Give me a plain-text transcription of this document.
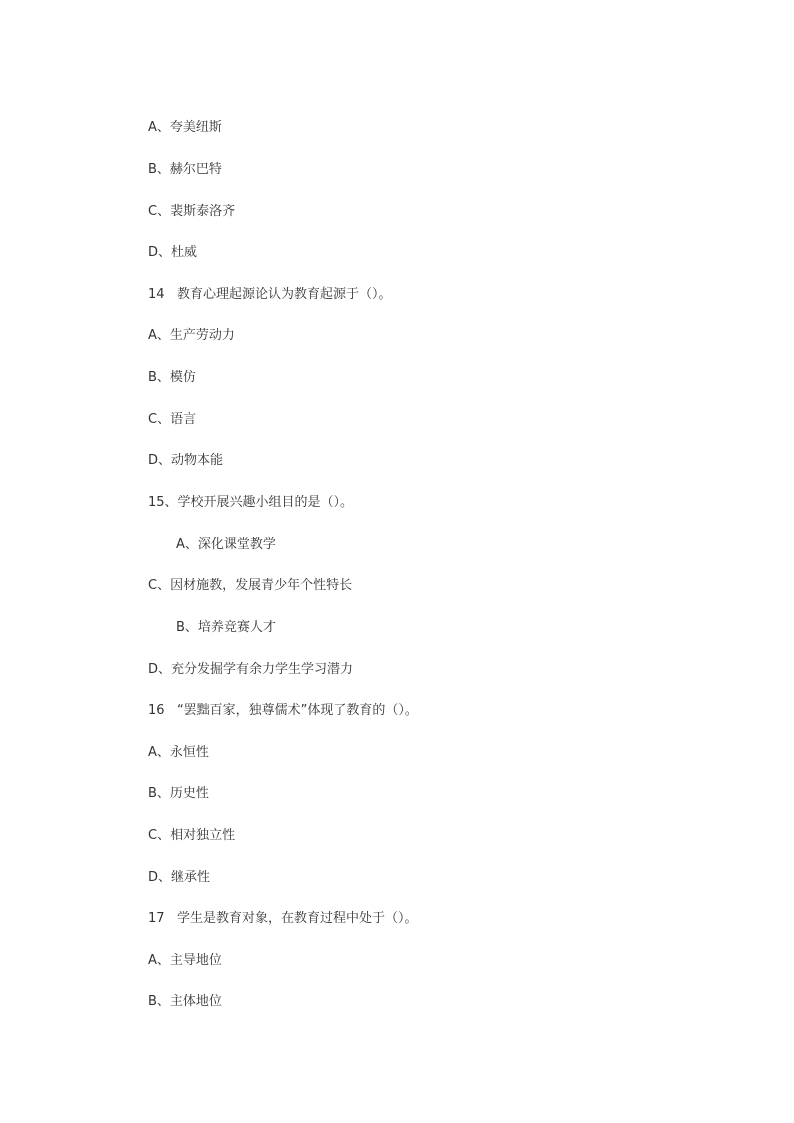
A、夸美纽斯
B、赫尔巴特
C、裴斯泰洛齐
D、杜威
14   教育心理起源论认为教育起源于（）。
A、生产劳动力
B、模仿
C、语言
D、动物本能
15、学校开展兴趣小组目的是（）。
A、深化课堂教学
C、因材施教，发展青少年个性特长
B、培养竞赛人才
D、充分发掘学有余力学生学习潜力
16   “罢黜百家，独尊儒术”体现了教育的（）。
A、永恒性
B、历史性
C、相对独立性
D、继承性
17   学生是教育对象，在教育过程中处于（）。
A、主导地位
B、主体地位
